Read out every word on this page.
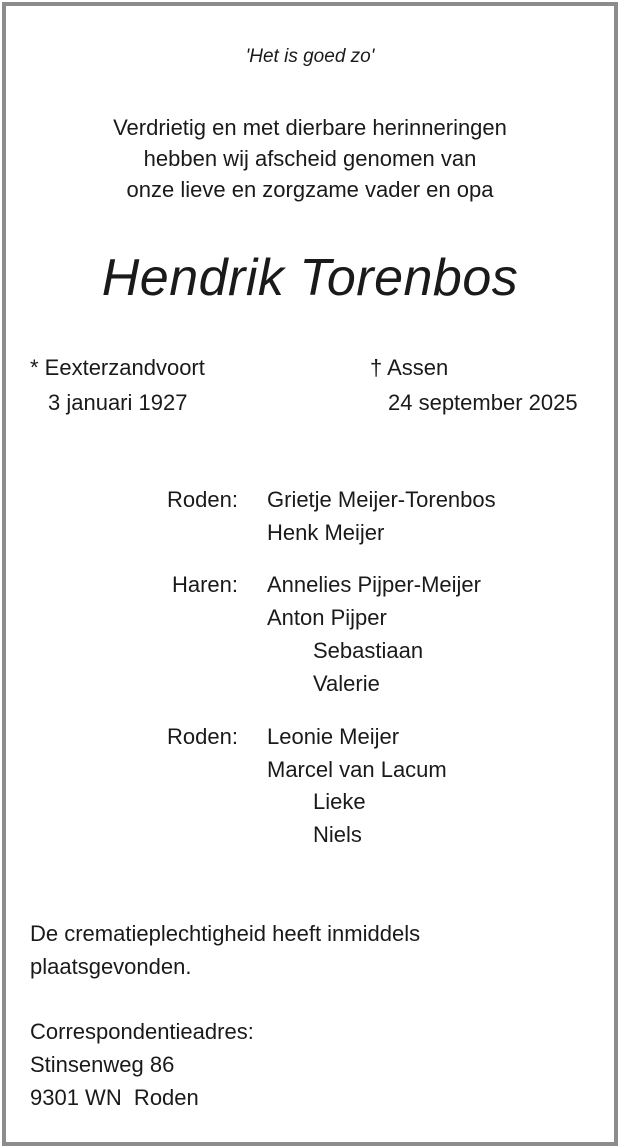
'Het is goed zo'
Verdrietig en met dierbare herinneringen
hebben wij afscheid genomen van
onze lieve en zorgzame vader en opa
Hendrik Torenbos
* Eexterzandvoort
3 januari 1927
† Assen
24 september 2025
Roden: Grietje Meijer-Torenbos
Henk Meijer
Haren: Annelies Pijper-Meijer
Anton Pijper
Sebastiaan
Valerie
Roden: Leonie Meijer
Marcel van Lacum
Lieke
Niels
De crematieplechtigheid heeft inmiddels
plaatsgevonden.
Correspondentieadres:
Stinsenweg 86
9301 WN  Roden
